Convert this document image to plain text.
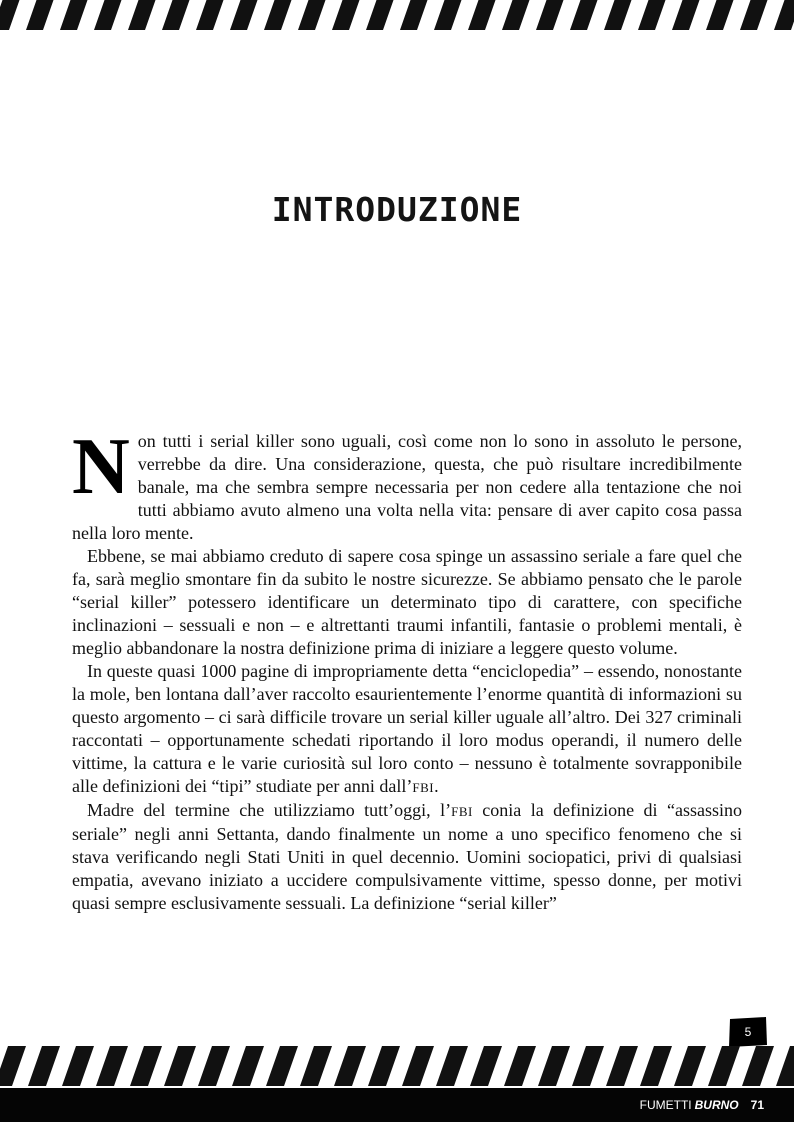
INTRODUZIONE

Non tutti i serial killer sono uguali, così come non lo sono in assoluto le persone, verrebbe da dire. Una considerazione, questa, che può risultare incredibilmente banale, ma che sembra sempre necessaria per non cedere alla tentazione che noi tutti abbiamo avuto almeno una volta nella vita: pensare di aver capito cosa passa nella loro mente.

Ebbene, se mai abbiamo creduto di sapere cosa spinge un assassino seriale a fare quel che fa, sarà meglio smontare fin da subito le nostre sicurezze. Se abbiamo pensato che le parole “serial killer” potessero identificare un determinato tipo di carattere, con specifiche inclinazioni – sessuali e non – e altrettanti traumi infantili, fantasie o problemi mentali, è meglio abbandonare la nostra definizione prima di iniziare a leggere questo volume.

In queste quasi 1000 pagine di impropriamente detta “enciclopedia” – essendo, nonostante la mole, ben lontana dall’aver raccolto esaurientemente l’enorme quantità di informazioni su questo argomento – ci sarà difficile trovare un serial killer uguale all’altro. Dei 327 criminali raccontati – opportunamente schedati riportando il loro modus operandi, il numero delle vittime, la cattura e le varie curiosità sul loro conto – nessuno è totalmente sovrapponibile alle definizioni dei “tipi” studiate per anni dall’FBI.

Madre del termine che utilizziamo tutt’oggi, l’FBI conia la definizione di “assassino seriale” negli anni Settanta, dando finalmente un nome a uno specifico fenomeno che si stava verificando negli Stati Uniti in quel decennio. Uomini sociopatici, privi di qualsiasi empatia, avevano iniziato a uccidere compulsivamente vittime, spesso donne, per motivi quasi sempre esclusivamente sessuali. La definizione “serial killer”

5
FUMETTI BURNO 71
